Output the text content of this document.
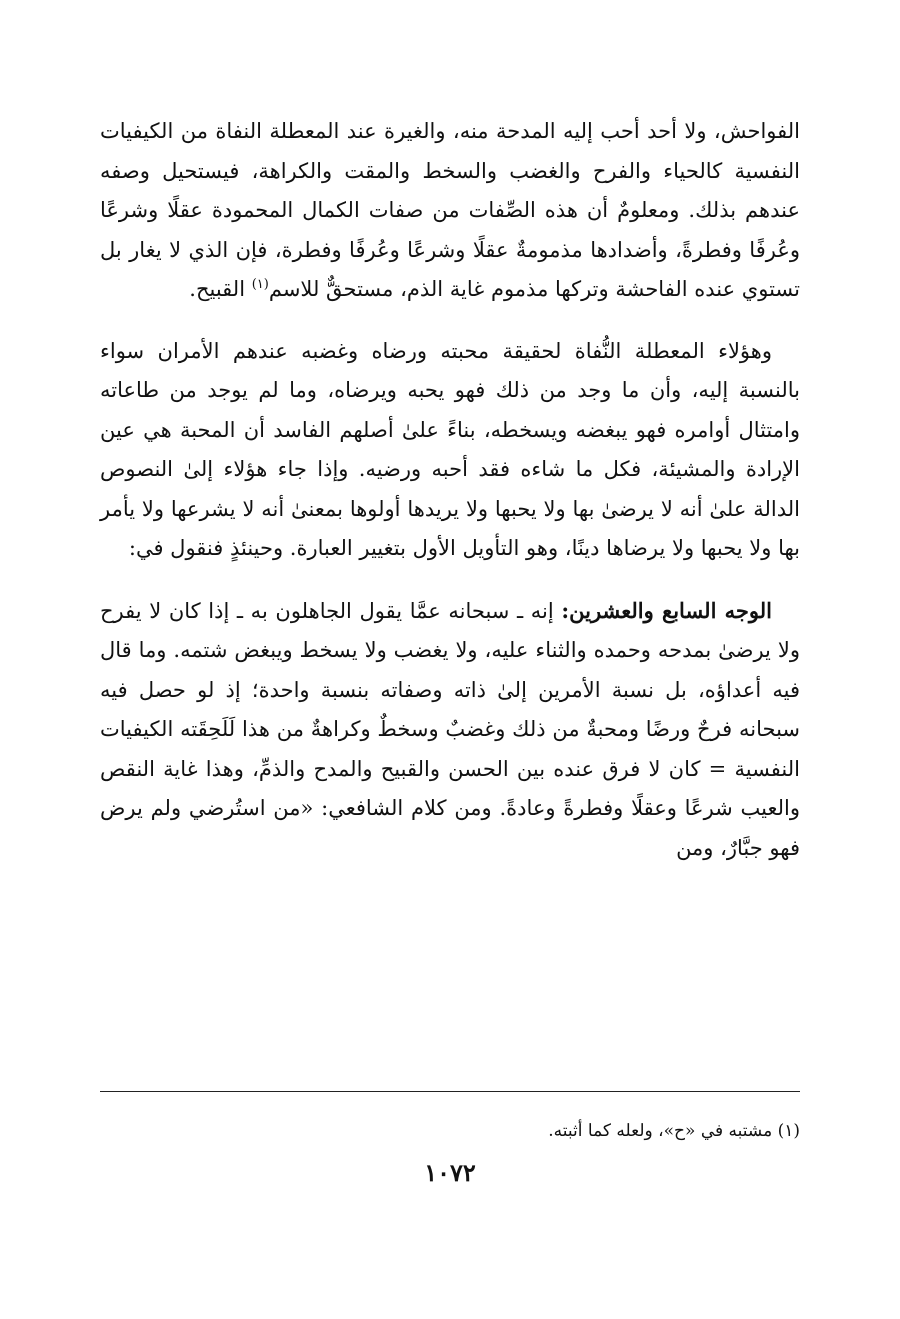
الفواحش، ولا أحد أحب إليه المدحة منه، والغيرة عند المعطلة النفاة من الكيفيات النفسية كالحياء والفرح والغضب والسخط والمقت والكراهة، فيستحيل وصفه عندهم بذلك. ومعلومٌ أن هذه الصِّفات من صفات الكمال المحمودة عقلًا وشرعًا وعُرفًا وفطرةً، وأضدادها مذمومةٌ عقلًا وشرعًا وعُرفًا وفطرة، فإن الذي لا يغار بل تستوي عنده الفاحشة وتركها مذموم غاية الذم، مستحقٌّ للاسم$^{(١)}$ القبيح.

وهؤلاء المعطلة النُّفاة لحقيقة محبته ورضاه وغضبه عندهم الأمران سواء بالنسبة إليه، وأن ما وجد من ذلك فهو يحبه ويرضاه، وما لم يوجد من طاعاته وامتثال أوامره فهو يبغضه ويسخطه، بناءً علىٰ أصلهم الفاسد أن المحبة هي عين الإرادة والمشيئة، فكل ما شاءه فقد أحبه ورضيه. وإذا جاء هؤلاء إلىٰ النصوص الدالة علىٰ أنه لا يرضىٰ بها ولا يحبها ولا يريدها أولوها بمعنىٰ أنه لا يشرعها ولا يأمر بها ولا يحبها ولا يرضاها دينًا، وهو التأويل الأول بتغيير العبارة. وحينئذٍ فنقول في:

الوجه السابع والعشرين: إنه ـ سبحانه عمَّا يقول الجاهلون به ـ إذا كان لا يفرح ولا يرضىٰ بمدحه وحمده والثناء عليه، ولا يغضب ولا يسخط ويبغض شتمه. وما قال فيه أعداؤه، بل نسبة الأمرين إلىٰ ذاته وصفاته بنسبة واحدة؛ إذ لو حصل فيه سبحانه فرحٌ ورضًا ومحبةٌ من ذلك وغضبٌ وسخطٌ وكراهةٌ من هذا لَلَحِقَته الكيفيات النفسية = كان لا فرق عنده بين الحسن والقبيح والمدح والذمِّ، وهذا غاية النقص والعيب شرعًا وعقلًا وفطرةً وعادةً. ومن كلام الشافعي: «من استُرضي ولم يرض فهو جبَّارٌ، ومن

(١) مشتبه في «ح»، ولعله كما أثبته.
١٠٧٢
